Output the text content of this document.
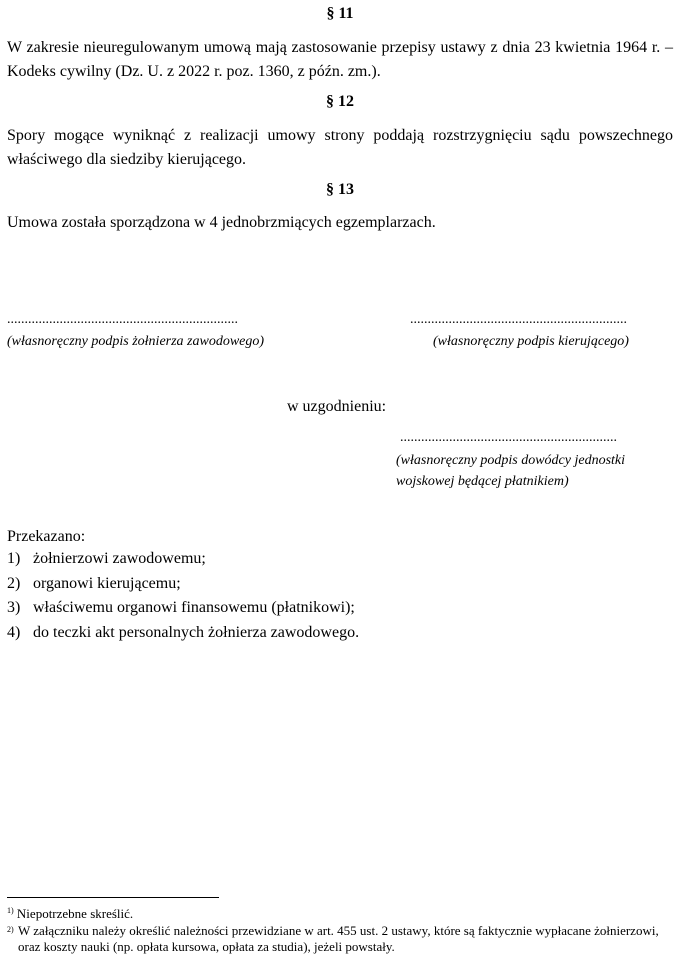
§ 11
W zakresie nieuregulowanym umową mają zastosowanie przepisy ustawy z dnia 23 kwietnia 1964 r. – Kodeks cywilny (Dz. U. z 2022 r. poz. 1360, z późn. zm.).
§ 12
Spory mogące wyniknąć z realizacji umowy strony poddają rozstrzygnięciu sądu powszechnego właściwego dla siedziby kierującego.
§ 13
Umowa została sporządzona w 4 jednobrzmiących egzemplarzach.
..................................................................
(własnoręczny podpis żołnierza zawodowego)
..............................................................
(własnoręczny podpis kierującego)
w uzgodnieniu:
..............................................................
(własnoręczny podpis dowódcy jednostki
wojskowej będącej płatnikiem)
Przekazano:
1) żołnierzowi zawodowemu;
2) organowi kierującemu;
3) właściwemu organowi finansowemu (płatnikowi);
4) do teczki akt personalnych żołnierza zawodowego.
$^{1)}$ Niepotrzebne skreślić.
2) W załączniku należy określić należności przewidziane w art. 455 ust. 2 ustawy, które są faktycznie wypłacane żołnierzowi, oraz koszty nauki (np. opłata kursowa, opłata za studia), jeżeli powstały.
